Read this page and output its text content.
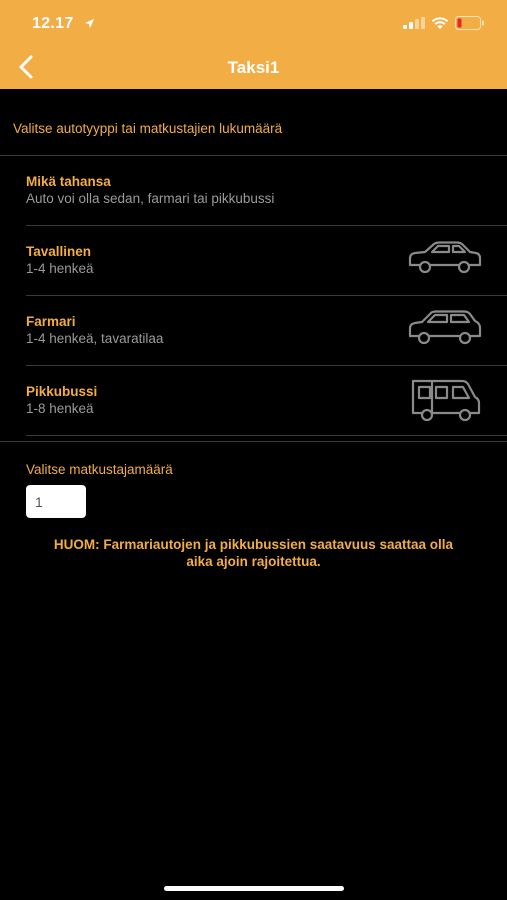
12.17
Taksi1
Valitse autotyyppi tai matkustajien lukumäärä
Mikä tahansa
Auto voi olla sedan, farmari tai pikkubussi
Tavallinen
1-4 henkeä
Farmari
1-4 henkeä, tavaratilaa
Pikkubussi
1-8 henkeä
Valitse matkustajamäärä
1
HUOM: Farmariautojen ja pikkubussien saatavuus saattaa olla aika ajoin rajoitettua.
